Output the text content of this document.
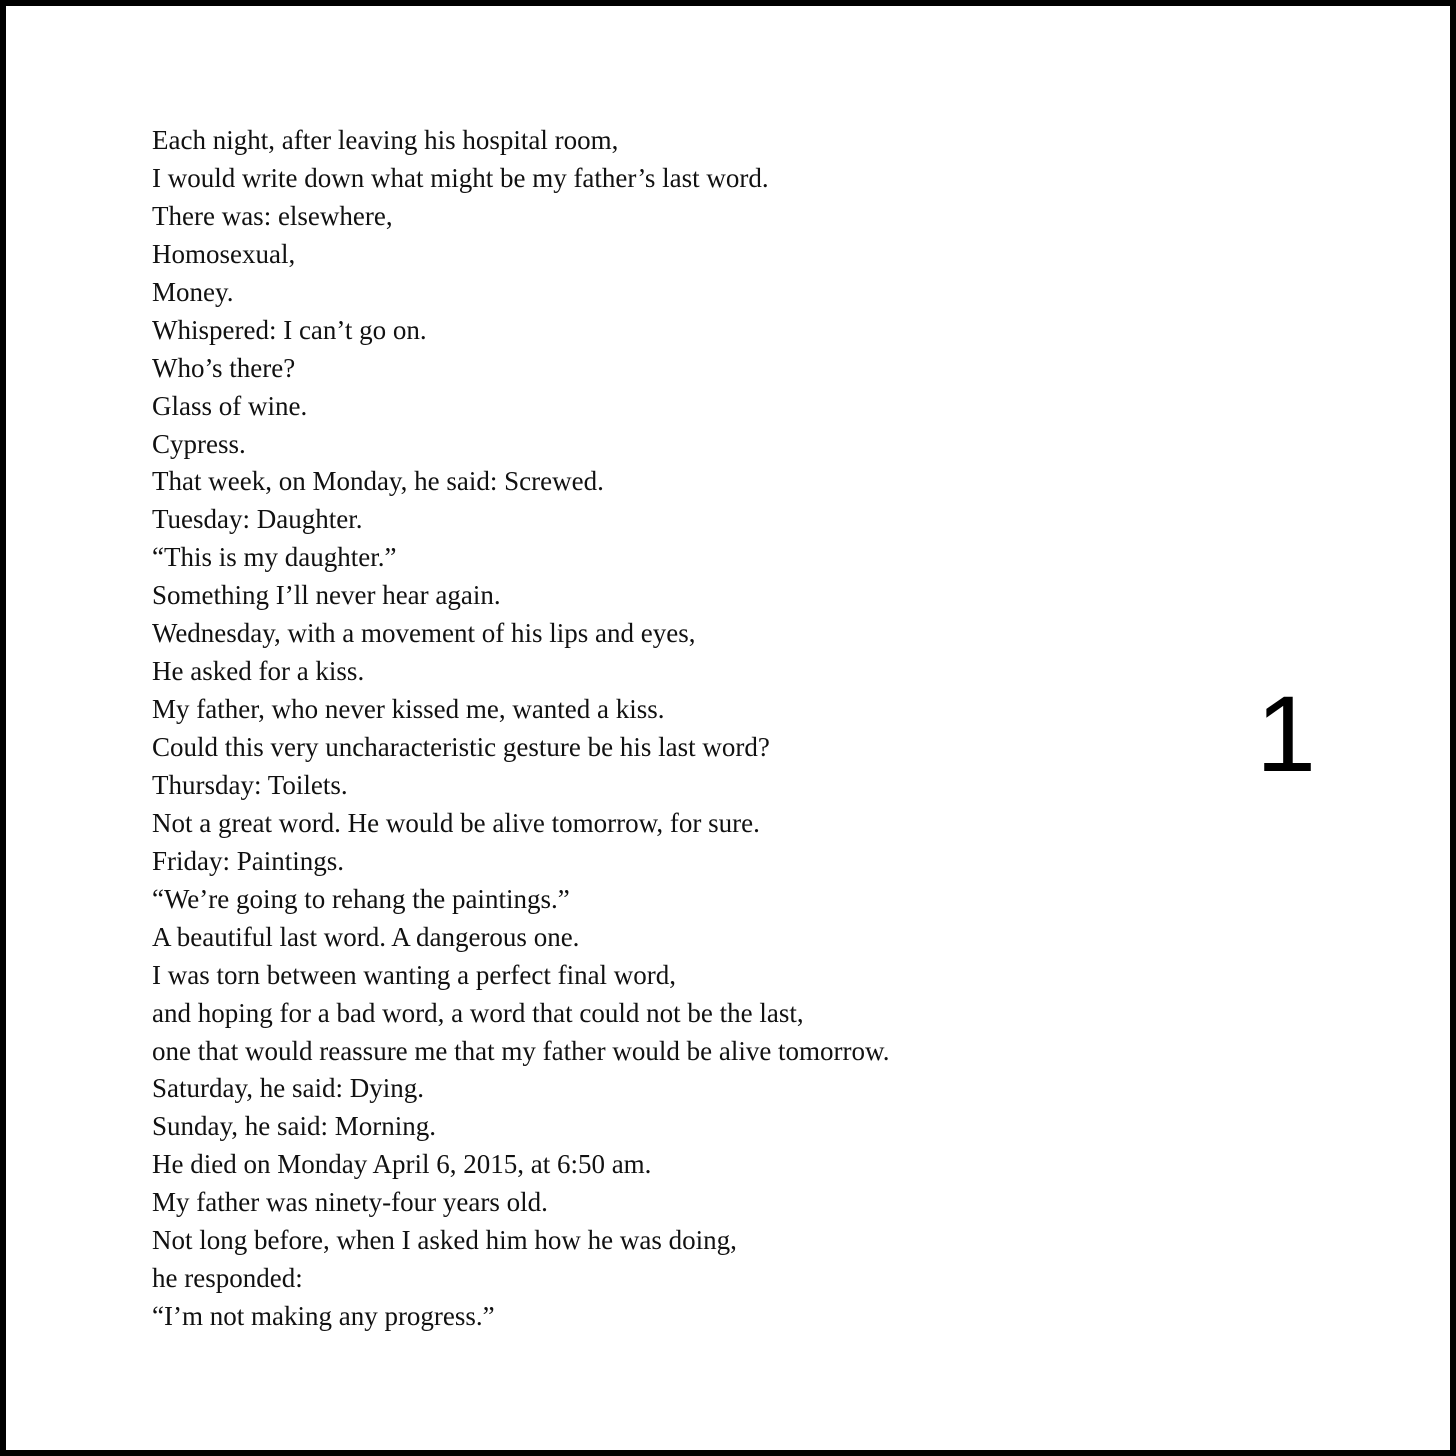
Each night, after leaving his hospital room,
I would write down what might be my father’s last word.
There was: elsewhere,
Homosexual,
Money.
Whispered: I can’t go on.
Who’s there?
Glass of wine.
Cypress.
That week, on Monday, he said: Screwed.
Tuesday: Daughter.
“This is my daughter.”
Something I’ll never hear again.
Wednesday, with a movement of his lips and eyes,
He asked for a kiss.
My father, who never kissed me, wanted a kiss.
Could this very uncharacteristic gesture be his last word?
Thursday: Toilets.
Not a great word. He would be alive tomorrow, for sure.
Friday: Paintings.
“We’re going to rehang the paintings.”
A beautiful last word. A dangerous one.
I was torn between wanting a perfect final word,
and hoping for a bad word, a word that could not be the last,
one that would reassure me that my father would be alive tomorrow.
Saturday, he said: Dying.
Sunday, he said: Morning.
He died on Monday April 6, 2015, at 6:50 am.
My father was ninety-four years old.
Not long before, when I asked him how he was doing,
he responded:
“I’m not making any progress.”
1
